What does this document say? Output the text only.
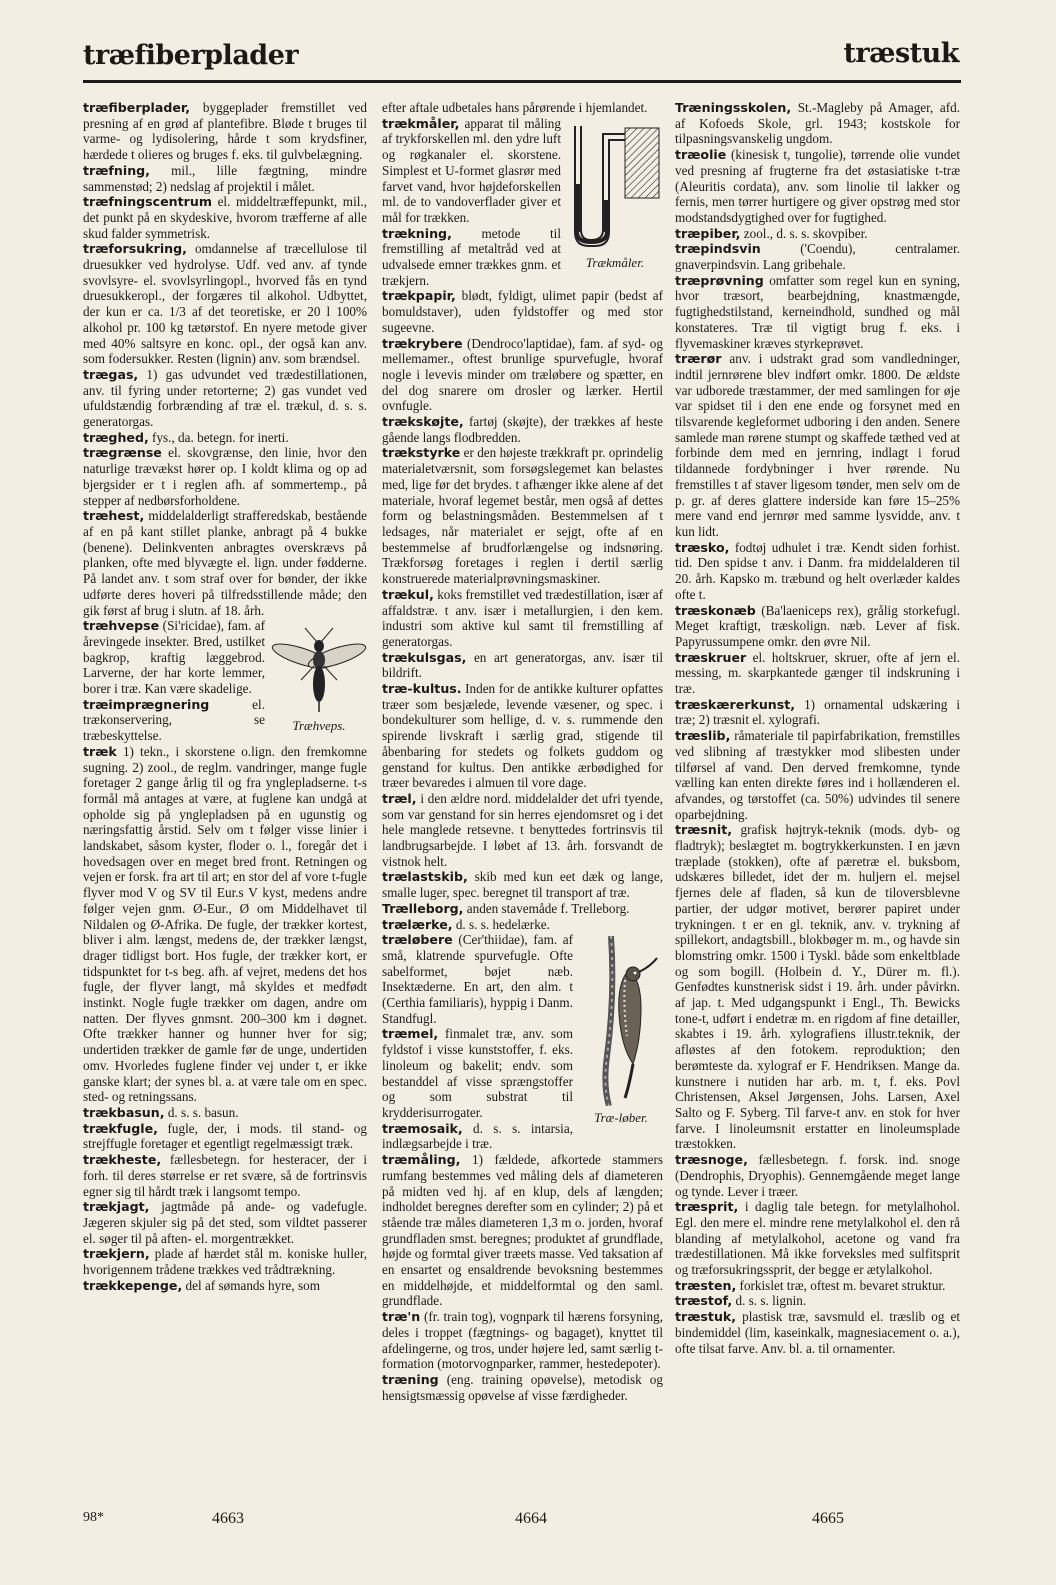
træfiberplader	træstuk

træfiberplader, byggeplader fremstillet ved presning af en grød af plantefibre. Bløde t bruges til varme- og lydisolering, hårde t som krydsfiner, hærdede t olieres og bruges f. eks. til gulvbelægning.

træfning, mil., lille fægtning, mindre sammenstød; 2) nedslag af projektil i målet.

træfningscentrum el. middeltræffepunkt, mil., det punkt på en skydeskive, hvorom træfferne af alle skud falder symmetrisk.

træforsukring, omdannelse af træcellulose til druesukker ved hydrolyse. Udf. ved anv. af tynde svovlsyre- el. svovlsyrlingopl., hvorved fås en tynd druesukkeropl., der forgæres til alkohol. Udbyttet, der kun er ca. 1/3 af det teoretiske, er 20 l 100% alkohol pr. 100 kg tætørstof. En nyere metode giver med 40% saltsyre en konc. opl., der også kan anv. som fodersukker. Resten (lignin) anv. som brændsel.

trægas, 1) gas udvundet ved trædestillationen, anv. til fyring under retorterne; 2) gas vundet ved ufuldstændig forbrænding af træ el. trækul, d. s. s. generatorgas.

træghed, fys., da. betegn. for inerti.

trægrænse el. skovgrænse, den linie, hvor den naturlige trævækst hører op. I koldt klima og op ad bjergsider er t i reglen afh. af sommertemp., på stepper af nedbørsforholdene.

træhest, middelalderligt strafferedskab, bestående af en på kant stillet planke, anbragt på 4 bukke (benene). Delinkventen anbragtes overskrævs på planken, ofte med blyvægte el. lign. under fødderne. På landet anv. t som straf over for bønder, der ikke udførte deres hoveri på tilfredsstillende måde; den gik først af brug i slutn. af 18. årh.

Træhveps.
træhvepse (Si'ricidae), fam. af årevingede insekter. Bred, ustilket bagkrop, kraftig læggebrod. Larverne, der har korte lemmer, borer i træ. Kan være skadelige.

træimprægnering el. trækonservering, se træbeskyttelse.

træk 1) tekn., i skorstene o.lign. den fremkomne sugning. 2) zool., de reglm. vandringer, mange fugle foretager 2 gange årlig til og fra ynglepladserne. t-s formål må antages at være, at fuglene kan undgå at opholde sig på ynglepladsen på en ugunstig og næringsfattig årstid. Selv om t følger visse linier i landskabet, såsom kyster, floder o. l., foregår det i hovedsagen over en meget bred front. Retningen og vejen er forsk. fra art til art; en stor del af vore t-fugle flyver mod V og SV til Eur.s V kyst, medens andre følger vejen gnm. Ø-Eur., Ø om Middelhavet til Nildalen og Ø-Afrika. De fugle, der trækker kortest, bliver i alm. længst, medens de, der trækker længst, drager tidligst bort. Hos fugle, der trækker kort, er tidspunktet for t-s beg. afh. af vejret, medens det hos fugle, der flyver langt, må skyldes et medfødt instinkt. Nogle fugle trækker om dagen, andre om natten. Der flyves gnmsnt. 200–300 km i døgnet. Ofte trækker hanner og hunner hver for sig; undertiden trækker de gamle før de unge, undertiden omv. Hvorledes fuglene finder vej under t, er ikke ganske klart; der synes bl. a. at være tale om en spec. sted- og retningssans.

trækbasun, d. s. s. basun.

trækfugle, fugle, der, i mods. til stand- og strejffugle foretager et egentligt regelmæssigt træk.

trækheste, fællesbetegn. for hesteracer, der i forh. til deres størrelse er ret svære, så de fortrinsvis egner sig til hårdt træk i langsomt tempo.

trækjagt, jagtmåde på ande- og vadefugle. Jægeren skjuler sig på det sted, som vildtet passerer el. søger til på aften- el. morgentrækket.

trækjern, plade af hærdet stål m. koniske huller, hvorigennem trådene trækkes ved trådtrækning.

trækkepenge, del af sømands hyre, som

efter aftale udbetales hans pårørende i hjemlandet.

Trækmåler.
trækmåler, apparat til måling af trykforskellen ml. den ydre luft og røgkanaler el. skorstene. Simplest et U-formet glasrør med farvet vand, hvor højdeforskellen ml. de to vandoverflader giver et mål for trækken.

trækning, metode til fremstilling af metaltråd ved at udvalsede emner trækkes gnm. et trækjern.

trækpapir, blødt, fyldigt, ulimet papir (bedst af bomuldstaver), uden fyldstoffer og med stor sugeevne.

trækrybere (Dendroco'laptidae), fam. af syd- og mellemamer., oftest brunlige spurvefugle, hvoraf nogle i levevis minder om træløbere og spætter, en del dog snarere om drosler og lærker. Hertil ovnfugle.

trækskøjte, fartøj (skøjte), der trækkes af heste gående langs flodbredden.

trækstyrke er den højeste trækkraft pr. oprindelig materialetværsnit, som forsøgslegemet kan belastes med, lige før det brydes. t afhænger ikke alene af det materiale, hvoraf legemet består, men også af dettes form og belastningsmåden. Bestemmelsen af t ledsages, når materialet er sejgt, ofte af en bestemmelse af brudforlængelse og indsnøring. Trækforsøg foretages i reglen i dertil særlig konstruerede materialprøvningsmaskiner.

trækul, koks fremstillet ved trædestillation, især af affaldstræ. t anv. især i metallurgien, i den kem. industri som aktive kul samt til fremstilling af generatorgas.

trækulsgas, en art generatorgas, anv. især til bildrift.

træ-kultus. Inden for de antikke kulturer opfattes træer som besjælede, levende væsener, og spec. i bondekulturer som hellige, d. v. s. rummende den spirende livskraft i særlig grad, stigende til åbenbaring for stedets og folkets guddom og genstand for kultus. Den antikke ærbødighed for træer bevaredes i almuen til vore dage.

træl, i den ældre nord. middelalder det ufri tyende, som var genstand for sin herres ejendomsret og i det hele manglede retsevne. t benyttedes fortrinsvis til landbrugsarbejde. I løbet af 13. årh. forsvandt de vistnok helt.

trælastskib, skib med kun eet dæk og lange, smalle luger, spec. beregnet til transport af træ.

Trælleborg, anden stavemåde f. Trelleborg.

trælærke, d. s. s. hedelærke.

Træ-løber.
træløbere (Cer'thiidae), fam. af små, klatrende spurvefugle. Ofte sabelformet, bøjet næb. Insektæderne. En art, den alm. t (Certhia familiaris), hyppig i Danm. Standfugl.

træmel, finmalet træ, anv. som fyldstof i visse kunststoffer, f. eks. linoleum og bakelit; endv. som bestanddel af visse sprængstoffer og som substrat til krydderisurrogater.

træmosaik, d. s. s. intarsia, indlægsarbejde i træ.

træmåling, 1) fældede, afkortede stammers rumfang bestemmes ved måling dels af diameteren på midten ved hj. af en klup, dels af længden; indholdet beregnes derefter som en cylinder; 2) på et stående træ måles diameteren 1,3 m o. jorden, hvoraf grundfladen smst. beregnes; produktet af grundflade, højde og formtal giver træets masse. Ved taksation af en ensartet og ensaldrende bevoksning bestemmes en middelhøjde, et middelformtal og den saml. grundflade.

træ'n (fr. train tog), vognpark til hærens forsyning, deles i troppet (fægtnings- og bagaget), knyttet til afdelingerne, og tros, under højere led, samt særlig t-formation (motorvognparker, rammer, hestedepoter).

træning (eng. training opøvelse), metodisk og hensigtsmæssig opøvelse af visse færdigheder.

Træningsskolen, St.-Magleby på Amager, afd. af Kofoeds Skole, grl. 1943; kostskole for tilpasningsvanskelig ungdom.

træolie (kinesisk t, tungolie), tørrende olie vundet ved presning af frugterne fra det østasiatiske t-træ (Aleuritis cordata), anv. som linolie til lakker og fernis, men tørrer hurtigere og giver opstrøg med stor modstandsdygtighed over for fugtighed.

træpiber, zool., d. s. s. skovpiber.

træpindsvin ('Coendu), centralamer. gnaverpindsvin. Lang gribehale.

træprøvning omfatter som regel kun en syning, hvor træsort, bearbejdning, knastmængde, fugtighedstilstand, kerneindhold, sundhed og mål konstateres. Træ til vigtigt brug f. eks. i flyvemaskiner kræves styrkeprøvet.

trærør anv. i udstrakt grad som vandledninger, indtil jernrørene blev indført omkr. 1800. De ældste var udborede træstammer, der med samlingen for øje var spidset til i den ene ende og forsynet med en tilsvarende kegleformet udboring i den anden. Senere samlede man rørene stumpt og skaffede tæthed ved at forbinde dem med en jernring, indlagt i forud tildannede fordybninger i hver rørende. Nu fremstilles t af staver ligesom tønder, men selv om de p. gr. af deres glattere inderside kan føre 15–25% mere vand end jernrør med samme lysvidde, anv. t kun lidt.

træsko, fodtøj udhulet i træ. Kendt siden forhist. tid. Den spidse t anv. i Danm. fra middelalderen til 20. årh. Kapsko m. træbund og helt overlæder kaldes ofte t.

træskonæb (Ba'laeniceps rex), grålig storkefugl. Meget kraftigt, træskolign. næb. Lever af fisk. Papyrussumpene omkr. den øvre Nil.

træskruer el. holtskruer, skruer, ofte af jern el. messing, m. skarpkantede gænger til indskruning i træ.

træskærerkunst, 1) ornamental udskæring i træ; 2) træsnit el. xylografi.

træslib, råmateriale til papirfabrikation, fremstilles ved slibning af træstykker mod slibesten under tilførsel af vand. Den derved fremkomne, tynde vælling kan enten direkte føres ind i hollænderen el. afvandes, og tørstoffet (ca. 50%) udvindes til senere oparbejdning.

træsnit, grafisk højtryk-teknik (mods. dyb- og fladtryk); beslægtet m. bogtrykkerkunsten. I en jævn træplade (stokken), ofte af pæretræ el. buksbom, udskæres billedet, idet der m. huljern el. mejsel fjernes dele af fladen, så kun de tiloversblevne partier, der udgør motivet, berører papiret under trykningen. t er en gl. teknik, anv. v. trykning af spillekort, andagtsbill., blokbøger m. m., og havde sin blomstring omkr. 1500 i Tyskl. både som enkeltblade og som bogill. (Holbein d. Y., Dürer m. fl.). Genfødtes kunstnerisk sidst i 19. årh. under påvirkn. af jap. t. Med udgangspunkt i Engl., Th. Bewicks tone-t, udført i endetræ m. en rigdom af fine detailler, skabtes i 19. årh. xylografiens illustr.teknik, der afløstes af den fotokem. reproduktion; den berømteste da. xylograf er F. Hendriksen. Mange da. kunstnere i nutiden har arb. m. t, f. eks. Povl Christensen, Aksel Jørgensen, Johs. Larsen, Axel Salto og F. Syberg. Til farve-t anv. en stok for hver farve. I linoleumsnit erstatter en linoleumsplade træstokken.

træsnoge, fællesbetegn. f. forsk. ind. snoge (Dendrophis, Dryophis). Gennemgående meget lange og tynde. Lever i træer.

træsprit, i daglig tale betegn. for metylalhohol. Egl. den mere el. mindre rene metylalkohol el. den rå blanding af metylalkohol, acetone og vand fra trædestillationen. Må ikke forveksles med sulfitsprit og træforsukringssprit, der begge er ætylalkohol.

træsten, forkislet træ, oftest m. bevaret struktur.

træstof, d. s. s. lignin.

træstuk, plastisk træ, savsmuld el. træslib og et bindemiddel (lim, kaseinkalk, magnesiacement o. a.), ofte tilsat farve. Anv. bl. a. til ornamenter.

98*	4663	4664	4665
